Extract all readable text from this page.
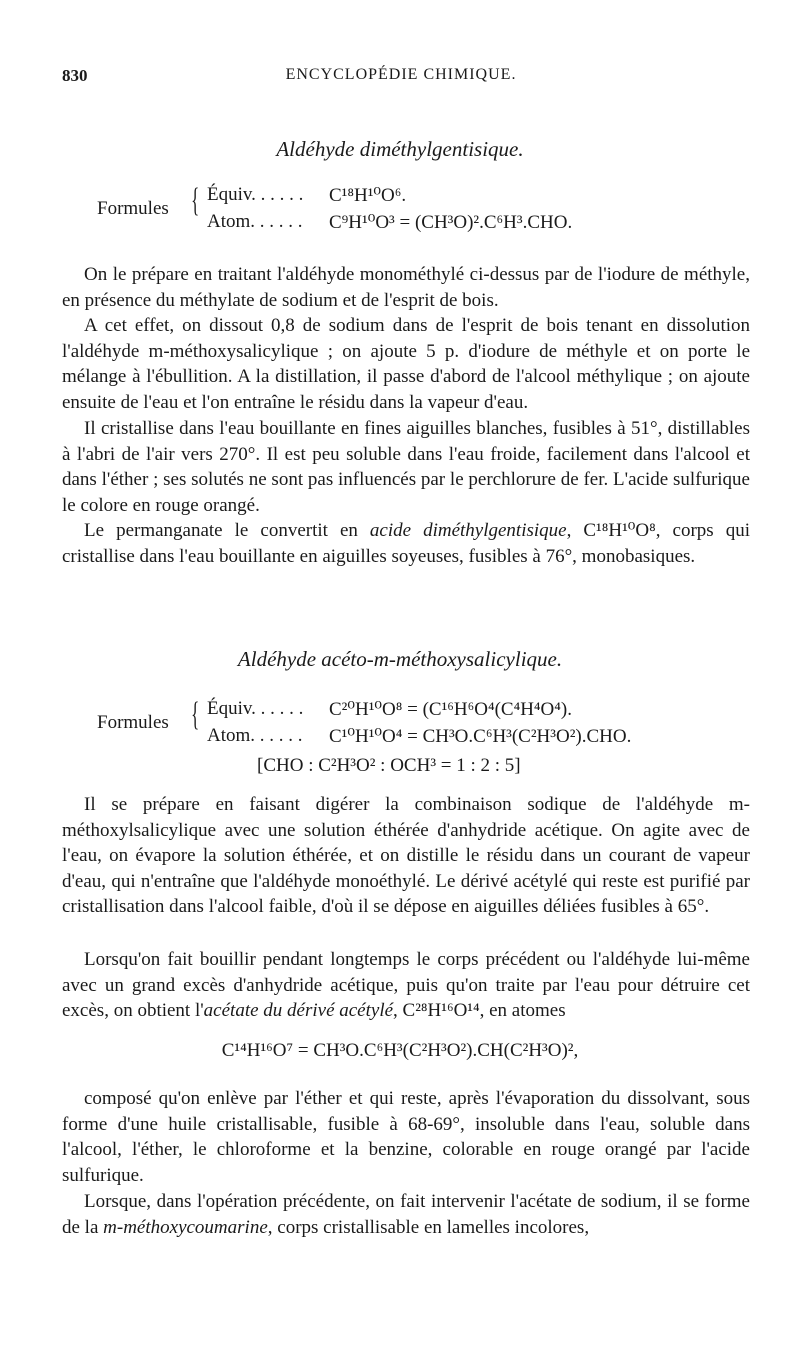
830	ENCYCLOPÉDIE CHIMIQUE.
Aldéhyde diméthylgentisique.
Formules { Équiv. . . . . . C¹⁸H¹⁰O⁶.
Atom. . . . . . C⁹H¹⁰O³ = (CH³O)².C⁶H³.CHO.

On le prépare en traitant l'aldéhyde monométhylé ci-dessus par de l'iodure de méthyle, en présence du méthylate de sodium et de l'esprit de bois.

A cet effet, on dissout 0,8 de sodium dans de l'esprit de bois tenant en dissolution l'aldéhyde m-méthoxysalicylique ; on ajoute 5 p. d'iodure de méthyle et on porte le mélange à l'ébullition. A la distillation, il passe d'abord de l'alcool méthylique ; on ajoute ensuite de l'eau et l'on entraîne le résidu dans la vapeur d'eau.

Il cristallise dans l'eau bouillante en fines aiguilles blanches, fusibles à 51°, distillables à l'abri de l'air vers 270°. Il est peu soluble dans l'eau froide, facilement dans l'alcool et dans l'éther ; ses solutés ne sont pas influencés par le perchlorure de fer. L'acide sulfurique le colore en rouge orangé.

Le permanganate le convertit en acide diméthylgentisique, C¹⁸H¹⁰O⁸, corps qui cristallise dans l'eau bouillante en aiguilles soyeuses, fusibles à 76°, monobasiques.

Aldéhyde acéto-m-méthoxysalicylique.
Formules { Équiv. . . . . . C²⁰H¹⁰O⁸ = (C¹⁶H⁶O⁴(C⁴H⁴O⁴).
Atom. . . . . . C¹⁰H¹⁰O⁴ = CH³O.C⁶H³(C²H³O²).CHO.
[CHO : C²H³O² : OCH³ = 1 : 2 : 5]

Il se prépare en faisant digérer la combinaison sodique de l'aldéhyde m-méthoxylsalicylique avec une solution éthérée d'anhydride acétique. On agite avec de l'eau, on évapore la solution éthérée, et on distille le résidu dans un courant de vapeur d'eau, qui n'entraîne que l'aldéhyde monoéthylé. Le dérivé acétylé qui reste est purifié par cristallisation dans l'alcool faible, d'où il se dépose en aiguilles déliées fusibles à 65°.

Lorsqu'on fait bouillir pendant longtemps le corps précédent ou l'aldéhyde lui-même avec un grand excès d'anhydride acétique, puis qu'on traite par l'eau pour détruire cet excès, on obtient l'acétate du dérivé acétylé, C²⁸H¹⁶O¹⁴, en atomes

C¹⁴H¹⁶O⁷ = CH³O.C⁶H³(C²H³O²).CH(C²H³O)²,

composé qu'on enlève par l'éther et qui reste, après l'évaporation du dissolvant, sous forme d'une huile cristallisable, fusible à 68-69°, insoluble dans l'eau, soluble dans l'alcool, l'éther, le chloroforme et la benzine, colorable en rouge orangé par l'acide sulfurique.

Lorsque, dans l'opération précédente, on fait intervenir l'acétate de sodium, il se forme de la m-méthoxycoumarine, corps cristallisable en lamelles incolores,
